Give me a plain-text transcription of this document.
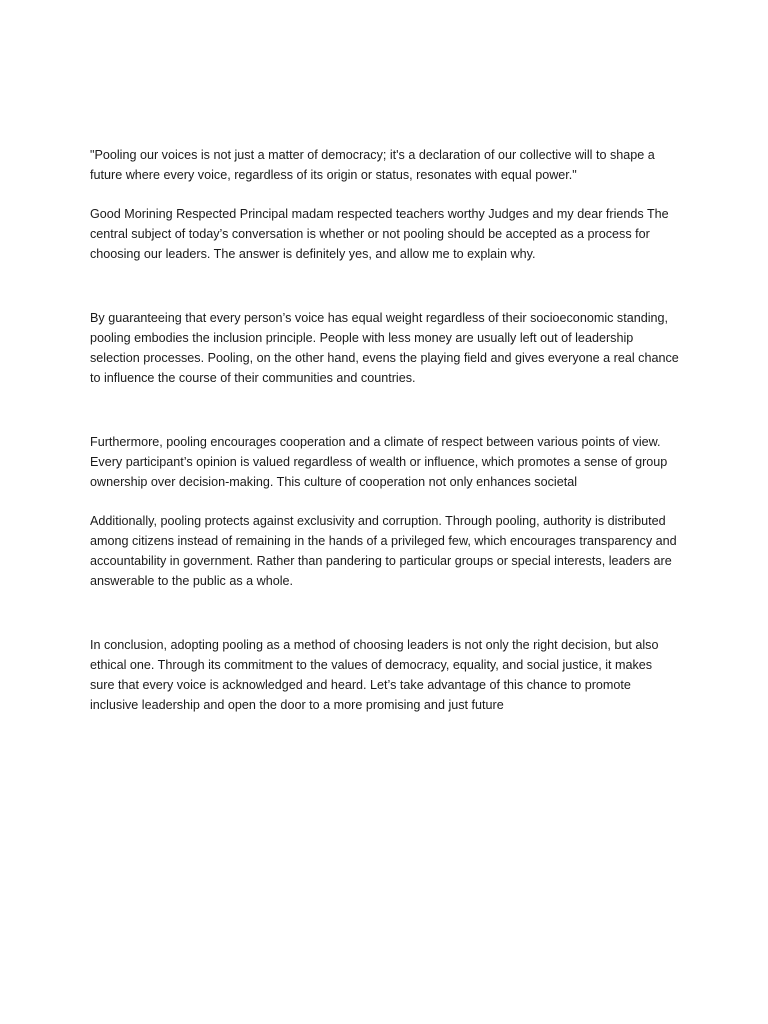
"Pooling our voices is not just a matter of democracy; it's a declaration of our collective will to shape a future where every voice, regardless of its origin or status, resonates with equal power."

Good Morining Respected Principal madam respected teachers worthy Judges and my dear friends The central subject of today’s conversation is whether or not pooling should be accepted as a process for choosing our leaders. The answer is definitely yes, and allow me to explain why.

By guaranteeing that every person’s voice has equal weight regardless of their socioeconomic standing, pooling embodies the inclusion principle. People with less money are usually left out of leadership selection processes. Pooling, on the other hand, evens the playing field and gives everyone a real chance to influence the course of their communities and countries.

Furthermore, pooling encourages cooperation and a climate of respect between various points of view. Every participant’s opinion is valued regardless of wealth or influence, which promotes a sense of group ownership over decision-making. This culture of cooperation not only enhances societal

Additionally, pooling protects against exclusivity and corruption. Through pooling, authority is distributed among citizens instead of remaining in the hands of a privileged few, which encourages transparency and accountability in government. Rather than pandering to particular groups or special interests, leaders are answerable to the public as a whole.

In conclusion, adopting pooling as a method of choosing leaders is not only the right decision, but also ethical one. Through its commitment to the values of democracy, equality, and social justice, it makes sure that every voice is acknowledged and heard. Let’s take advantage of this chance to promote inclusive leadership and open the door to a more promising and just future
